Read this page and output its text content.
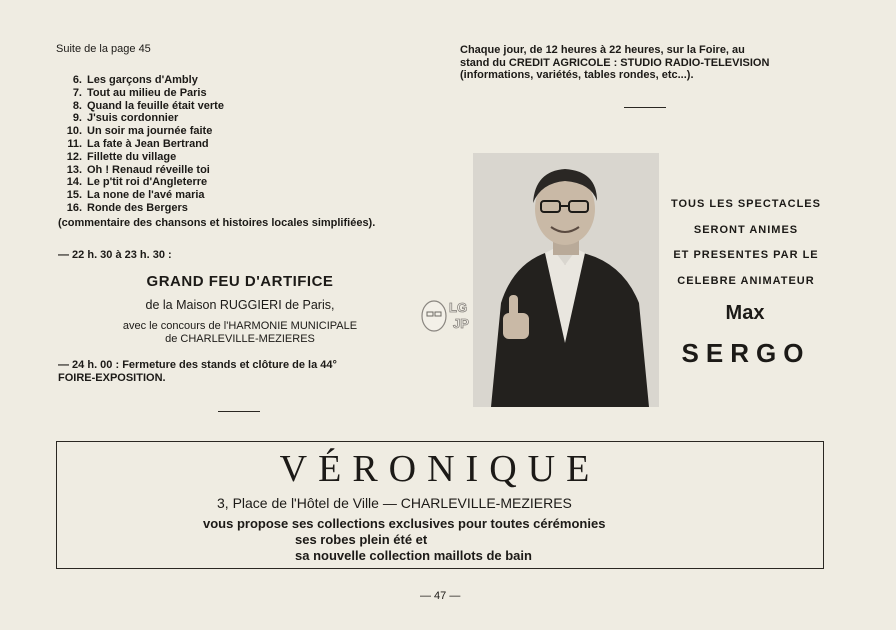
Suite de la page 45
6. Les garçons d'Ambly
7. Tout au milieu de Paris
8. Quand la feuille était verte
9. J'suis cordonnier
10. Un soir ma journée faite
11. La fate à Jean Bertrand
12. Fillette du village
13. Oh ! Renaud réveille toi
14. Le p'tit roi d'Angleterre
15. La none de l'avé maria
16. Ronde des Bergers
(commentaire des chansons et histoires locales simplifiées).
— 22 h. 30 à 23 h. 30 :
GRAND FEU D'ARTIFICE
de la Maison RUGGIERI de Paris,
avec le concours de l'HARMONIE MUNICIPALE
de CHARLEVILLE-MEZIERES
— 24 h. 00 : Fermeture des stands et clôture de la 44°
FOIRE-EXPOSITION.
Chaque jour, de 12 heures à 22 heures, sur la Foire, au
stand du CREDIT AGRICOLE : STUDIO RADIO-TELEVISION
(informations, variétés, tables rondes, etc...).
TOUS LES SPECTACLES
SERONT ANIMES
ET PRESENTES PAR LE
CELEBRE ANIMATEUR
Max
SERGO
LG
JP
VÉRONIQUE
3, Place de l'Hôtel de Ville — CHARLEVILLE-MEZIERES
vous propose ses collections exclusives pour toutes cérémonies
ses robes plein été et
sa nouvelle collection maillots de bain
— 47 —
